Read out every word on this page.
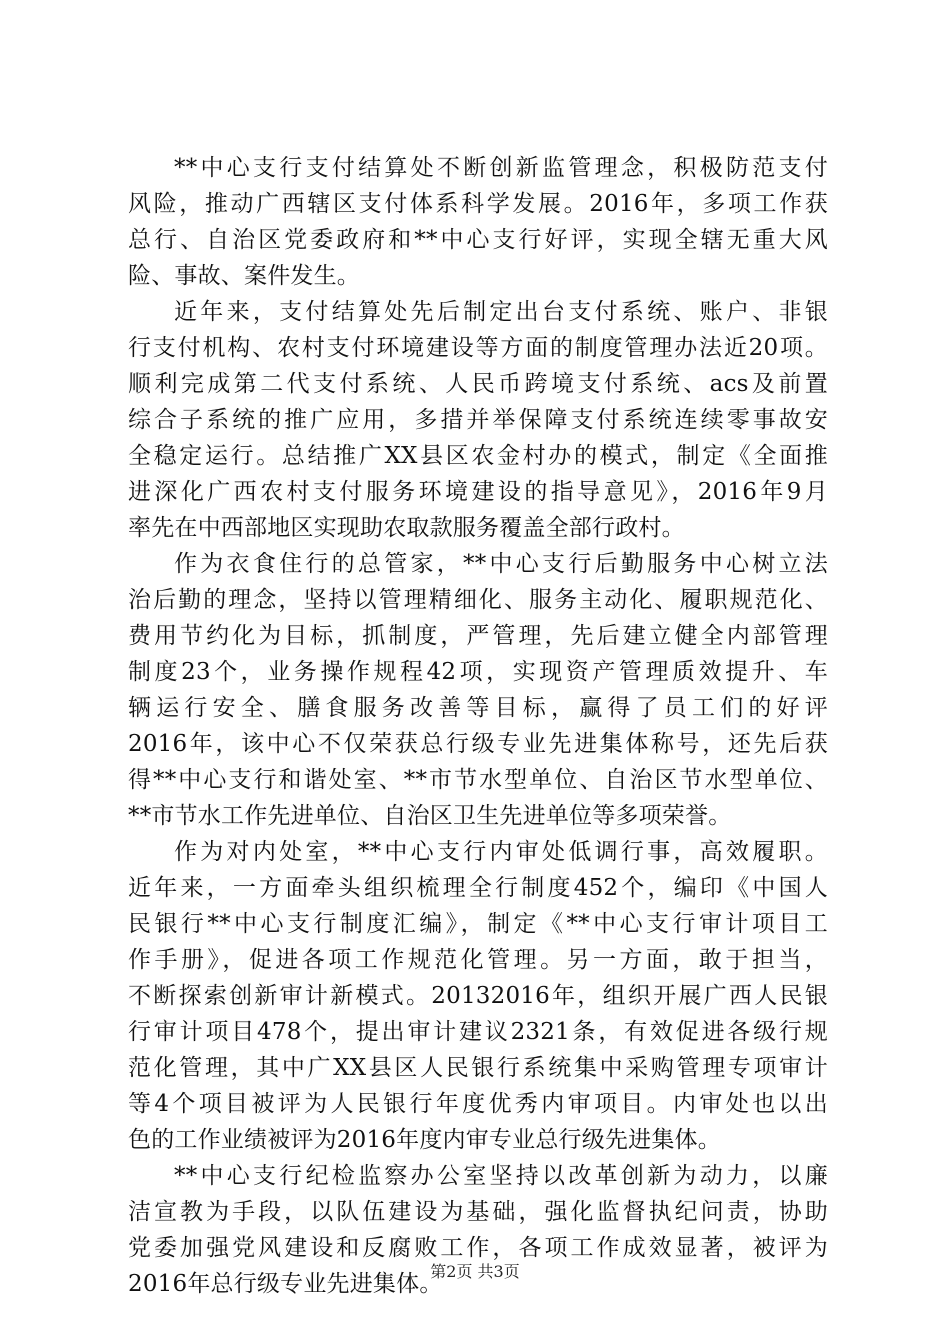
**中心支行支付结算处不断创新监管理念，积极防范支付
风险，推动广西辖区支付体系科学发展。2016年，多项工作获
总行、自治区党委政府和**中心支行好评，实现全辖无重大风
险、事故、案件发生。
近年来，支付结算处先后制定出台支付系统、账户、非银
行支付机构、农村支付环境建设等方面的制度管理办法近20项。
顺利完成第二代支付系统、人民币跨境支付系统、acs及前置
综合子系统的推广应用，多措并举保障支付系统连续零事故安
全稳定运行。总结推广XX县区农金村办的模式，制定《全面推
进深化广西农村支付服务环境建设的指导意见》，2016年9月
率先在中西部地区实现助农取款服务覆盖全部行政村。
作为衣食住行的总管家，**中心支行后勤服务中心树立法
治后勤的理念，坚持以管理精细化、服务主动化、履职规范化、
费用节约化为目标，抓制度，严管理，先后建立健全内部管理
制度23个，业务操作规程42项，实现资产管理质效提升、车
辆运行安全、膳食服务改善等目标，赢得了员工们的好评
2016年，该中心不仅荣获总行级专业先进集体称号，还先后获
得**中心支行和谐处室、**市节水型单位、自治区节水型单位、
**市节水工作先进单位、自治区卫生先进单位等多项荣誉。
作为对内处室，**中心支行内审处低调行事，高效履职。
近年来，一方面牵头组织梳理全行制度452个，编印《中国人
民银行**中心支行制度汇编》，制定《**中心支行审计项目工
作手册》，促进各项工作规范化管理。另一方面，敢于担当，
不断探索创新审计新模式。20132016年，组织开展广西人民银
行审计项目478个，提出审计建议2321条，有效促进各级行规
范化管理，其中广XX县区人民银行系统集中采购管理专项审计
等4个项目被评为人民银行年度优秀内审项目。内审处也以出
色的工作业绩被评为2016年度内审专业总行级先进集体。
**中心支行纪检监察办公室坚持以改革创新为动力，以廉
洁宣教为手段，以队伍建设为基础，强化监督执纪问责，协助
党委加强党风建设和反腐败工作，各项工作成效显著，被评为
2016年总行级专业先进集体。
第2页 共3页
